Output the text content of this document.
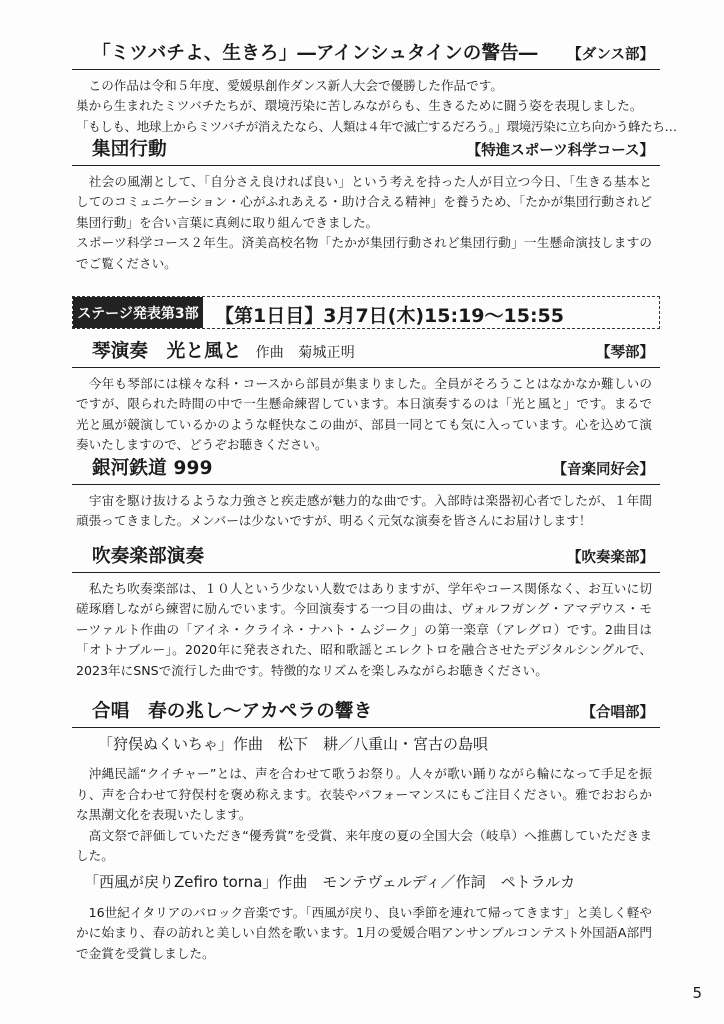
「ミツバチよ、生きろ」―アインシュタインの警告― 【ダンス部】

　この作品は令和５年度、愛媛県創作ダンス新人大会で優勝した作品です。

巣から生まれたミツバチたちが、環境汚染に苦しみながらも、生きるために闘う姿を表現しました。

「もしも、地球上からミツバチが消えたなら、人類は４年で滅亡するだろう。」環境汚染に立ち向かう蜂たち…

集団行動	【特進スポーツ科学コース】

　社会の風潮として、「自分さえ良ければ良い」という考えを持った人が目立つ今日、「生きる基本としてのコミュニケーション・心がふれあえる・助け合える精神」を養うため、「たかが集団行動されど集団行動」を合い言葉に真剣に取り組んできました。

スポーツ科学コース２年生。済美高校名物「たかが集団行動されど集団行動」一生懸命演技しますのでご覧ください。

ステージ発表第3部 【第1日目】3月7日(木)15:19～15:55
琴演奏　光と風と 作曲　菊城正明	【琴部】

　今年も琴部には様々な科・コースから部員が集まりました。全員がそろうことはなかなか難しいのですが、限られた時間の中で一生懸命練習しています。本日演奏するのは「光と風と」です。まるで光と風が競演しているかのような軽快なこの曲が、部員一同とても気に入っています。心を込めて演奏いたしますので、どうぞお聴きください。

銀河鉄道 999	【音楽同好会】

　宇宙を駆け抜けるような力強さと疾走感が魅力的な曲です。入部時は楽器初心者でしたが、１年間頑張ってきました。メンバーは少ないですが、明るく元気な演奏を皆さんにお届けします！

吹奏楽部演奏	【吹奏楽部】

　私たち吹奏楽部は、１０人という少ない人数ではありますが、学年やコース関係なく、お互いに切磋琢磨しながら練習に励んでいます。今回演奏する一つ目の曲は、ヴォルフガング・アマデウス・モーツァルト作曲の「アイネ・クライネ・ナハト・ムジーク」の第一楽章（アレグロ）です。2曲目は「オトナブルー」。2020年に発表された、昭和歌謡とエレクトロを融合させたデジタルシングルで、2023年にSNSで流行した曲です。特徴的なリズムを楽しみながらお聴きください。

合唱　春の兆し～アカペラの響き	【合唱部】
「狩俣ぬくいちゃ」作曲　松下　耕／八重山・宮古の島唄

　沖縄民謡“クイチャー”とは、声を合わせて歌うお祭り。人々が歌い踊りながら輪になって手足を振り、声を合わせて狩俣村を褒め称えます。衣装やパフォーマンスにもご注目ください。雅でおおらかな黒潮文化を表現いたします。

　高文祭で評価していただき“優秀賞”を受賞、来年度の夏の全国大会（岐阜）へ推薦していただきました。

「西風が戻りZefiro torna」作曲　モンテヴェルディ／作詞　ペトラルカ

　16世紀イタリアのバロック音楽です。「西風が戻り、良い季節を連れて帰ってきます」と美しく軽やかに始まり、春の訪れと美しい自然を歌います。1月の愛媛合唱アンサンブルコンテスト外国語A部門で金賞を受賞しました。

5
